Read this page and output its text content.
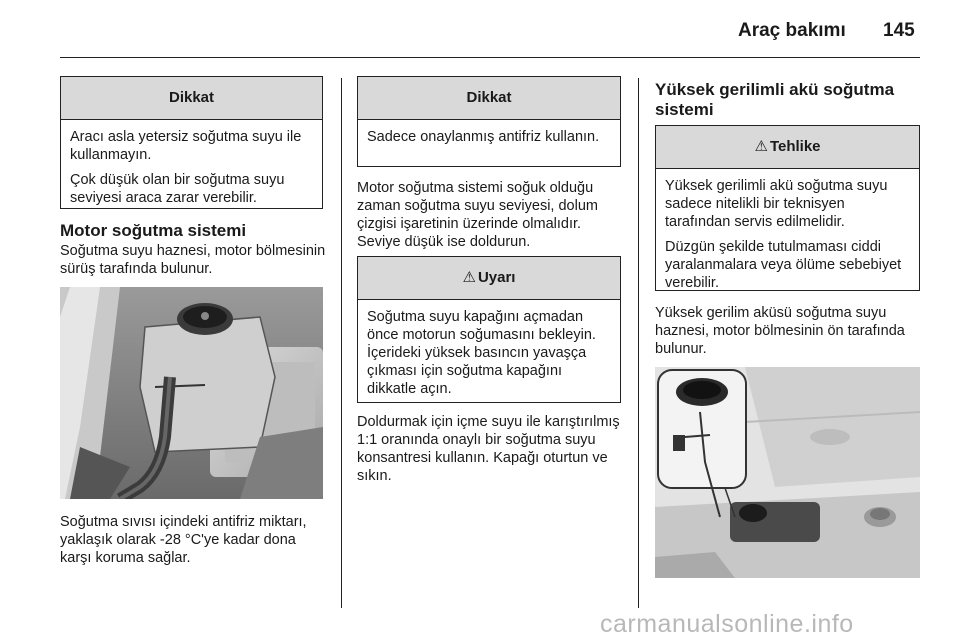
Araç bakımı 145
Dikkat

Aracı asla yetersiz soğutma suyu ile kullanmayın.

Çok düşük olan bir soğutma suyu seviyesi araca zarar verebilir.

Motor soğutma sistemi

Soğutma suyu haznesi, motor bölmesinin sürüş tarafında bulunur.

Soğutma sıvısı içindeki antifriz miktarı, yaklaşık olarak -28 °C'ye kadar dona karşı koruma sağlar.

Dikkat

Sadece onaylanmış antifriz kullanın.

Motor soğutma sistemi soğuk olduğu zaman soğutma suyu seviyesi, dolum çizgisi işaretinin üzerinde olmalıdır. Seviye düşük ise doldurun.

⚠ Uyarı

Soğutma suyu kapağını açmadan önce motorun soğumasını bekleyin. İçerideki yüksek basıncın yavaşça çıkması için soğutma kapağını dikkatle açın.

Doldurmak için içme suyu ile karıştırılmış 1:1 oranında onaylı bir soğutma suyu konsantresi kullanın. Kapağı oturtun ve sıkın.

Yüksek gerilimli akü soğutma sistemi
⚠ Tehlike

Yüksek gerilimli akü soğutma suyu sadece nitelikli bir teknisyen tarafından servis edilmelidir.

Düzgün şekilde tutulmaması ciddi yaralanmalara veya ölüme sebebiyet verebilir.

Yüksek gerilim aküsü soğutma suyu haznesi, motor bölmesinin ön tarafında bulunur.

carmanualsonline.info
